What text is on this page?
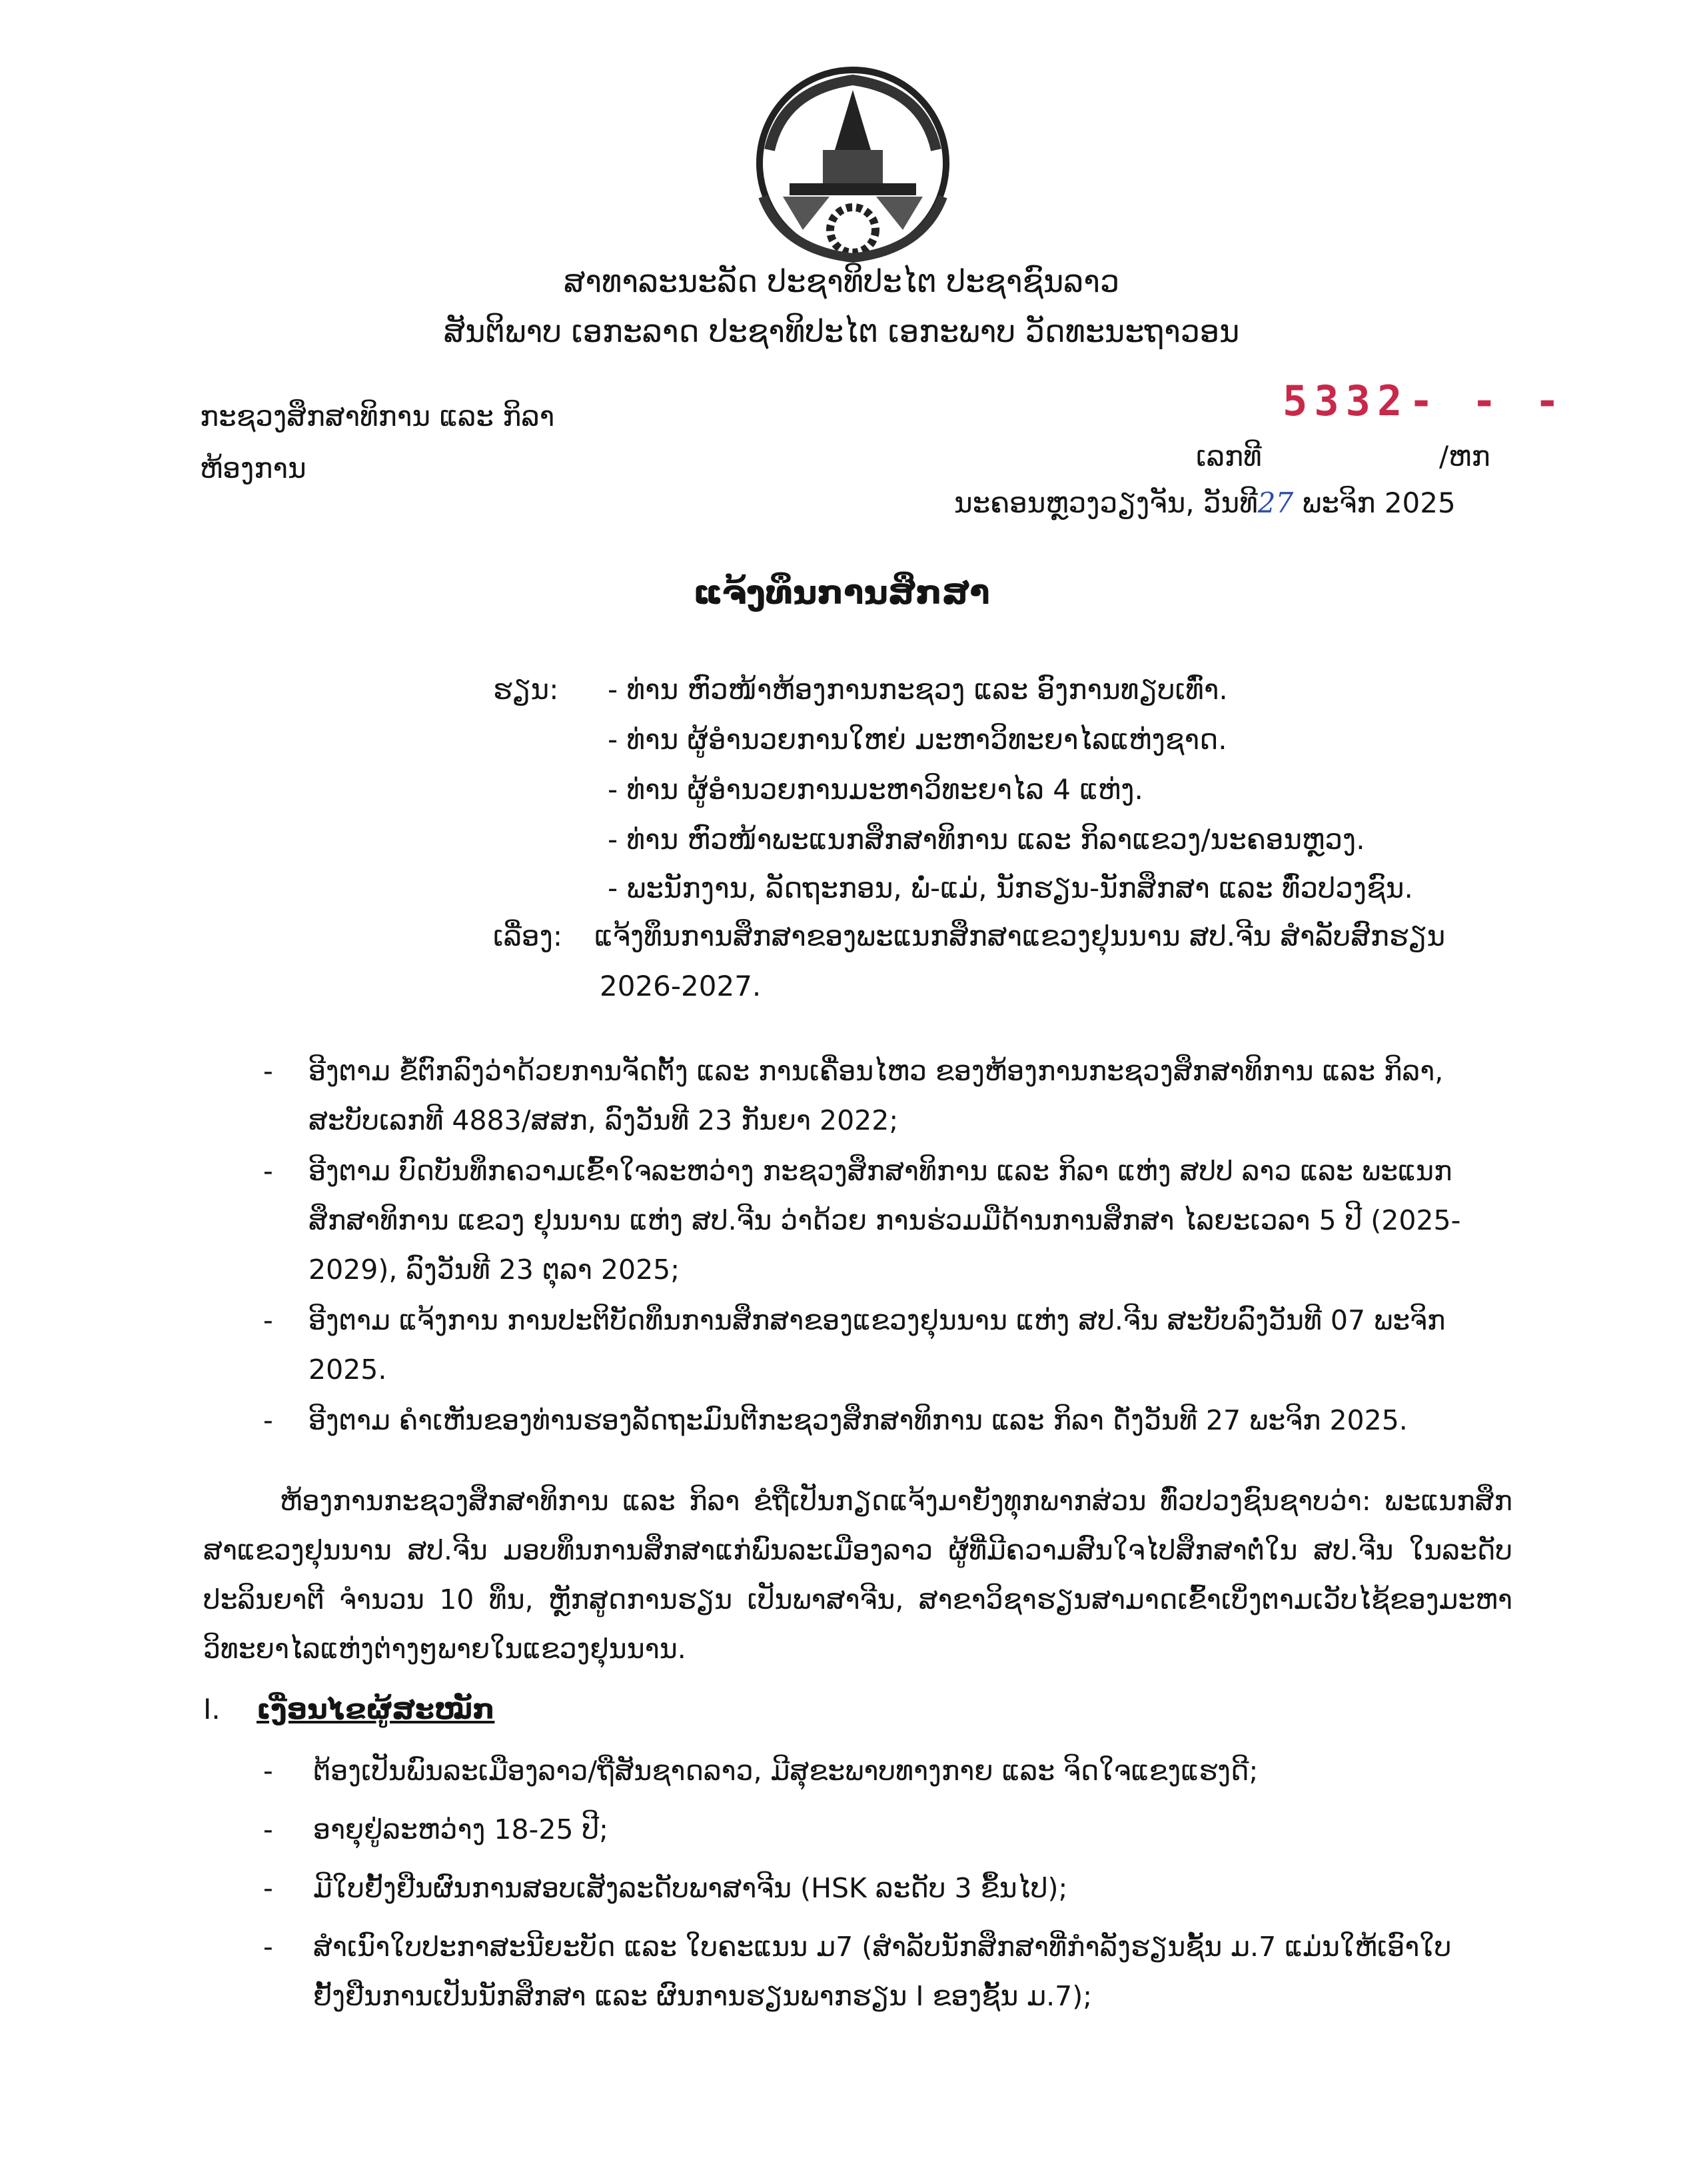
ສາທາລະນະລັດ ປະຊາທິປະໄຕ ປະຊາຊົນລາວ
ສັນຕິພາບ ເອກະລາດ ປະຊາທິປະໄຕ ເອກະພາບ ວັດທະນະຖາວອນ
ກະຊວງສຶກສາທິການ ແລະ ກິລາ
ຫ້ອງການ
5332- - -
ເລກທີ	/ຫກ
ນະຄອນຫຼວງວຽງຈັນ, ວັນທີ27 ພະຈິກ 2025
ແຈ້ງທຶນການສຶກສາ
ຮຽນ: - ທ່ານ ຫົວໜ້າຫ້ອງການກະຊວງ ແລະ ອົງການທຽບເທົ່າ.
- ທ່ານ ຜູ້ອຳນວຍການໃຫຍ່ ມະຫາວິທະຍາໄລແຫ່ງຊາດ.
- ທ່ານ ຜູ້ອຳນວຍການມະຫາວິທະຍາໄລ 4 ແຫ່ງ.
- ທ່ານ ຫົວໜ້າພະແນກສຶກສາທິການ ແລະ ກິລາແຂວງ/ນະຄອນຫຼວງ.
- ພະນັກງານ, ລັດຖະກອນ, ພໍ່-ແມ່, ນັກຮຽນ-ນັກສຶກສາ ແລະ ທົ່ວປວງຊົນ.
ເລື່ອງ: ແຈ້ງທຶນການສຶກສາຂອງພະແນກສຶກສາແຂວງຢຸນນານ ສປ.ຈີນ ສຳລັບສົກຮຽນ
2026-2027.
-	ອີງຕາມ ຂໍ້ຕົກລົງວ່າດ້ວຍການຈັດຕັ້ງ ແລະ ການເຄື່ອນໄຫວ ຂອງຫ້ອງການກະຊວງສຶກສາທິການ ແລະ ກິລາ, ສະບັບເລກທີ 4883/ສສກ, ລົງວັນທີ 23 ກັນຍາ 2022;
-	ອີງຕາມ ບົດບັນທຶກຄວາມເຂົ້າໃຈລະຫວ່າງ ກະຊວງສຶກສາທິການ ແລະ ກິລາ ແຫ່ງ ສປປ ລາວ ແລະ ພະແນກສຶກສາທິການ ແຂວງ ຢຸນນານ ແຫ່ງ ສປ.ຈີນ ວ່າດ້ວຍ ການຮ່ວມມືດ້ານການສຶກສາ ໄລຍະເວລາ 5 ປີ (2025-2029), ລົງວັນທີ 23 ຕຸລາ 2025;
-	ອີງຕາມ ແຈ້ງການ ການປະຕິບັດທຶນການສຶກສາຂອງແຂວງຢຸນນານ ແຫ່ງ ສປ.ຈີນ ສະບັບລົງວັນທີ 07 ພະຈິກ 2025.
-	ອີງຕາມ ຄຳເຫັນຂອງທ່ານຮອງລັດຖະມົນຕີກະຊວງສຶກສາທິການ ແລະ ກິລາ ດັ່ງວັນທີ 27 ພະຈິກ 2025.
ຫ້ອງການກະຊວງສຶກສາທິການ ແລະ ກິລາ ຂໍຖືເປັນກຽດແຈ້ງມາຍັງທຸກພາກສ່ວນ ທົ່ວປວງຊົນຊາບວ່າ: ພະແນກສຶກສາແຂວງຢຸນນານ ສປ.ຈີນ ມອບທຶນການສຶກສາແກ່ພົນລະເມືອງລາວ ຜູ້ທີ່ມີຄວາມສົນໃຈໄປສຶກສາຕໍ່ໃນ ສປ.ຈີນ ໃນລະດັບປະລິນຍາຕີ ຈຳນວນ 10 ທຶນ, ຫຼັກສູດການຮຽນ ເປັນພາສາຈີນ, ສາຂາວິຊາຮຽນສາມາດເຂົ້າເບິ່ງຕາມເວັບໄຊ້ຂອງມະຫາວິທະຍາໄລແຫ່ງຕ່າງໆພາຍໃນແຂວງຢຸນນານ.
I. ເງື່ອນໄຂຜູ້ສະໝັກ
-	ຕ້ອງເປັນພົນລະເມືອງລາວ/ຖືສັນຊາດລາວ, ມີສຸຂະພາບທາງກາຍ ແລະ ຈິດໃຈແຂງແຮງດີ;
-	ອາຍຸຢູ່ລະຫວ່າງ 18-25 ປີ;
-	ມີໃບຢັ້ງຢືນຜົນການສອບເສັງລະດັບພາສາຈີນ (HSK ລະດັບ 3 ຂຶ້ນໄປ);
-	ສຳເນົາໃບປະກາສະນີຍະບັດ ແລະ ໃບຄະແນນ ມ7 (ສຳລັບນັກສຶກສາທີ່ກຳລັງຮຽນຊັ້ນ ມ.7 ແມ່ນໃຫ້ເອົາໃບຢັ້ງຢືນການເປັນນັກສຶກສາ ແລະ ຜົນການຮຽນພາກຮຽນ I ຂອງຊັ້ນ ມ.7);
